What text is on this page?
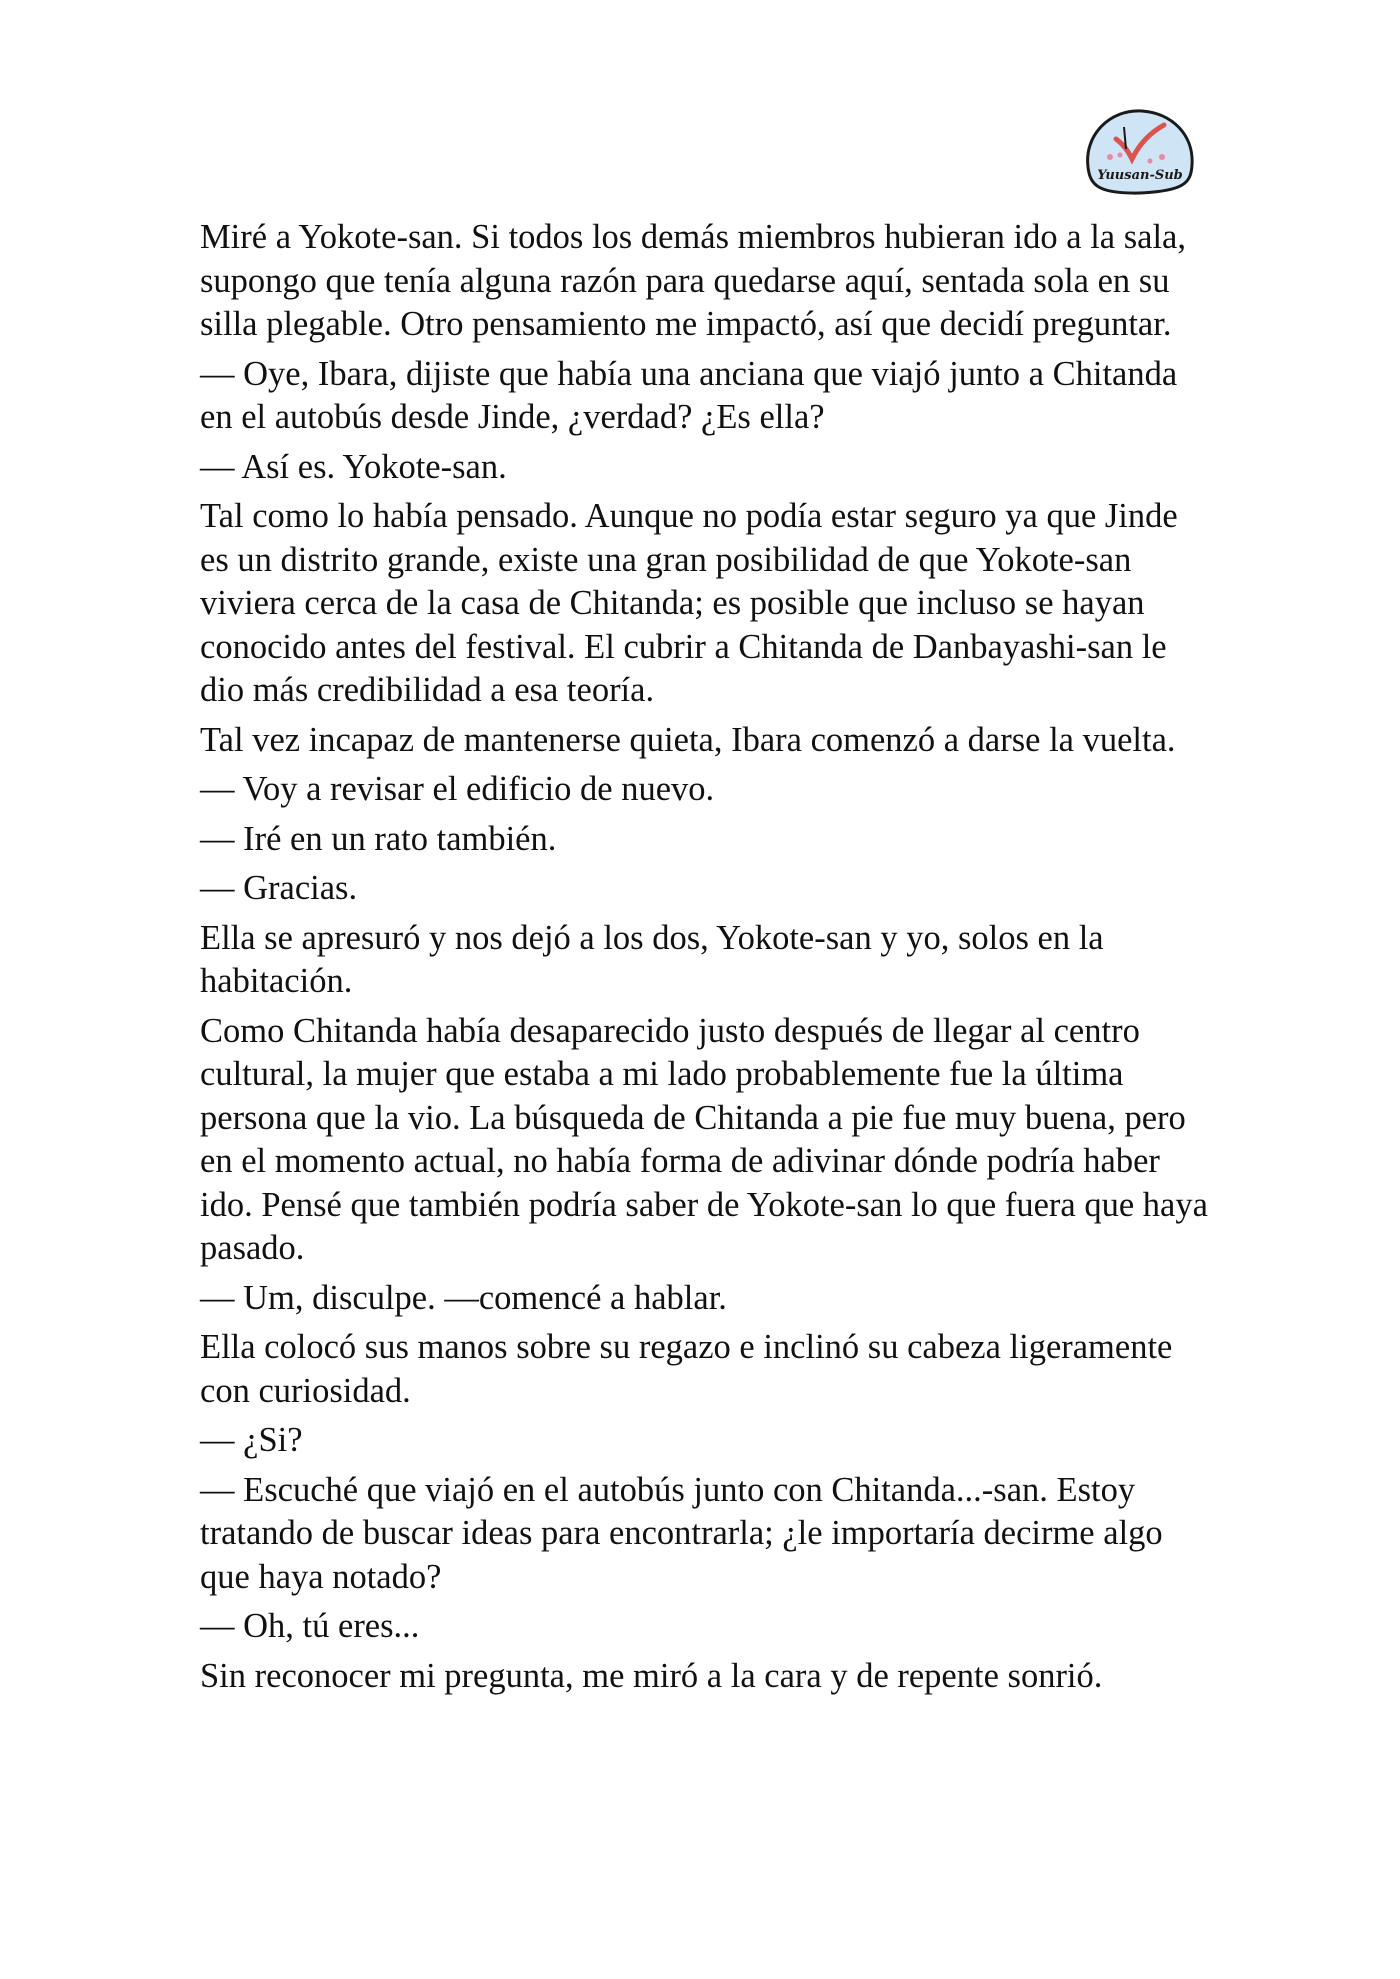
Yuusan-Sub

Miré a Yokote-san. Si todos los demás miembros hubieran ido a la sala, supongo que tenía alguna razón para quedarse aquí, sentada sola en su silla plegable. Otro pensamiento me impactó, así que decidí preguntar.

— Oye, Ibara, dijiste que había una anciana que viajó junto a Chitanda en el autobús desde Jinde, ¿verdad? ¿Es ella?

— Así es. Yokote-san.

Tal como lo había pensado. Aunque no podía estar seguro ya que Jinde es un distrito grande, existe una gran posibilidad de que Yokote-san viviera cerca de la casa de Chitanda; es posible que incluso se hayan conocido antes del festival. El cubrir a Chitanda de Danbayashi-san le dio más credibilidad a esa teoría.

Tal vez incapaz de mantenerse quieta, Ibara comenzó a darse la vuelta.

— Voy a revisar el edificio de nuevo.

— Iré en un rato también.

— Gracias.

Ella se apresuró y nos dejó a los dos, Yokote-san y yo, solos en la habitación.

Como Chitanda había desaparecido justo después de llegar al centro cultural, la mujer que estaba a mi lado probablemente fue la última persona que la vio. La búsqueda de Chitanda a pie fue muy buena, pero en el momento actual, no había forma de adivinar dónde podría haber ido. Pensé que también podría saber de Yokote-san lo que fuera que haya pasado.

— Um, disculpe. —comencé a hablar.

Ella colocó sus manos sobre su regazo e inclinó su cabeza ligeramente con curiosidad.

— ¿Si?

— Escuché que viajó en el autobús junto con Chitanda...-san. Estoy tratando de buscar ideas para encontrarla; ¿le importaría decirme algo que haya notado?

— Oh, tú eres...

Sin reconocer mi pregunta, me miró a la cara y de repente sonrió.
